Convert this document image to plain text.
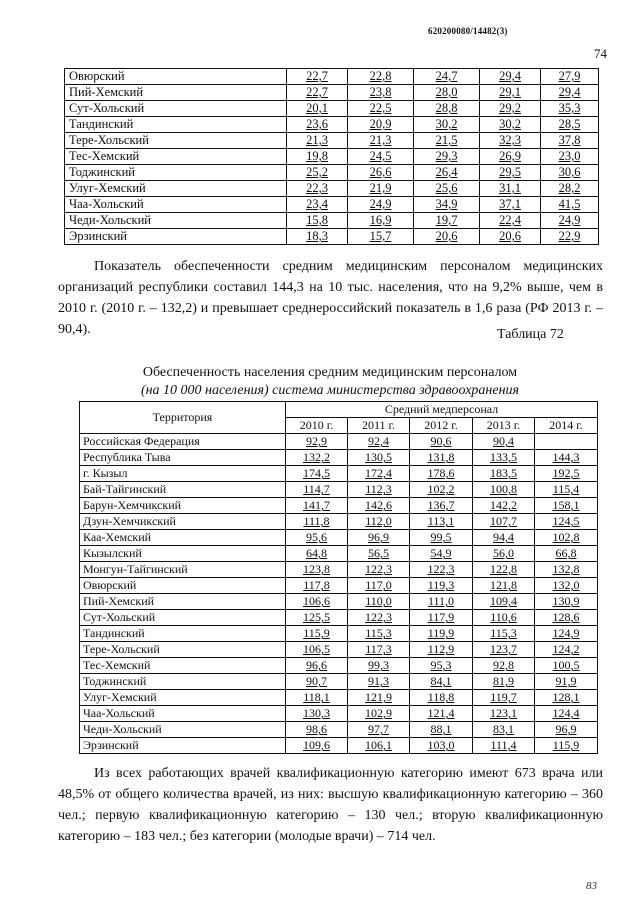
620200080/14482(3)
74
Овюрский	22,7	22,8	24,7	29,4	27,9
Пий-Хемский	22,7	23,8	28,0	29,1	29,4
Сут-Хольский	20,1	22,5	28,8	29,2	35,3
Тандинский	23,6	20,9	30,2	30,2	28,5
Тере-Хольский	21,3	21,3	21,5	32,3	37,8
Тес-Хемский	19,8	24,5	29,3	26,9	23,0
Тоджинский	25,2	26,6	26,4	29,5	30,6
Улуг-Хемский	22,3	21,9	25,6	31,1	28,2
Чаа-Хольский	23,4	24,9	34,9	37,1	41,5
Чеди-Хольский	15,8	16,9	19,7	22,4	24,9
Эрзинский	18,3	15,7	20,6	20,6	22,9

Показатель обеспеченности средним медицинским персоналом медицинских организаций республики составил 144,3 на 10 тыс. населения, что на 9,2% выше, чем в 2010 г. (2010 г. – 132,2) и превышает среднероссийский показатель в 1,6 раза (РФ 2013 г. – 90,4).	Таблица 72
Обеспеченность населения средним медицинским персоналом
(на 10 000 населения) система министерства здравоохранения
Территория	Средний медперсонал				
	2010 г.	2011 г.	2012 г.	2013 г.	2014 г.
Российская Федерация	92,9	92,4	90,6	90,4	
Республика Тыва	132,2	130,5	131,8	133,5	144,3
г. Кызыл	174,5	172,4	178,6	183,5	192,5
Бай-Тайгинский	114,7	112,3	102,2	100,8	115,4
Барун-Хемчикский	141,7	142,6	136,7	142,2	158,1
Дзун-Хемчикский	111,8	112,0	113,1	107,7	124,5
Каа-Хемский	95,6	96,9	99,5	94,4	102,8
Кызылский	64,8	56,5	54,9	56,0	66,8
Монгун-Тайгинский	123,8	122,3	122,3	122,8	132,8
Овюрский	117,8	117,0	119,3	121,8	132,0
Пий-Хемский	106,6	110,0	111,0	109,4	130,9
Сут-Хольский	125,5	122,3	117,9	110,6	128,6
Тандинский	115,9	115,3	119,9	115,3	124,9
Тере-Хольский	106,5	117,3	112,9	123,7	124,2
Тес-Хемский	96,6	99,3	95,3	92,8	100,5
Тоджинский	90,7	91,3	84,1	81,9	91,9
Улуг-Хемский	118,1	121,9	118,8	119,7	128,1
Чаа-Хольский	130,3	102,9	121,4	123,1	124,4
Чеди-Хольский	98,6	97,7	88,1	83,1	96,9
Эрзинский	109,6	106,1	103,0	111,4	115,9

Из всех работающих врачей квалификационную категорию имеют 673 врача или 48,5% от общего количества врачей, из них: высшую квалификационную категорию – 360 чел.; первую квалификационную категорию – 130 чел.; вторую квалификационную категорию – 183 чел.; без категории (молодые врачи) – 714 чел.

83
